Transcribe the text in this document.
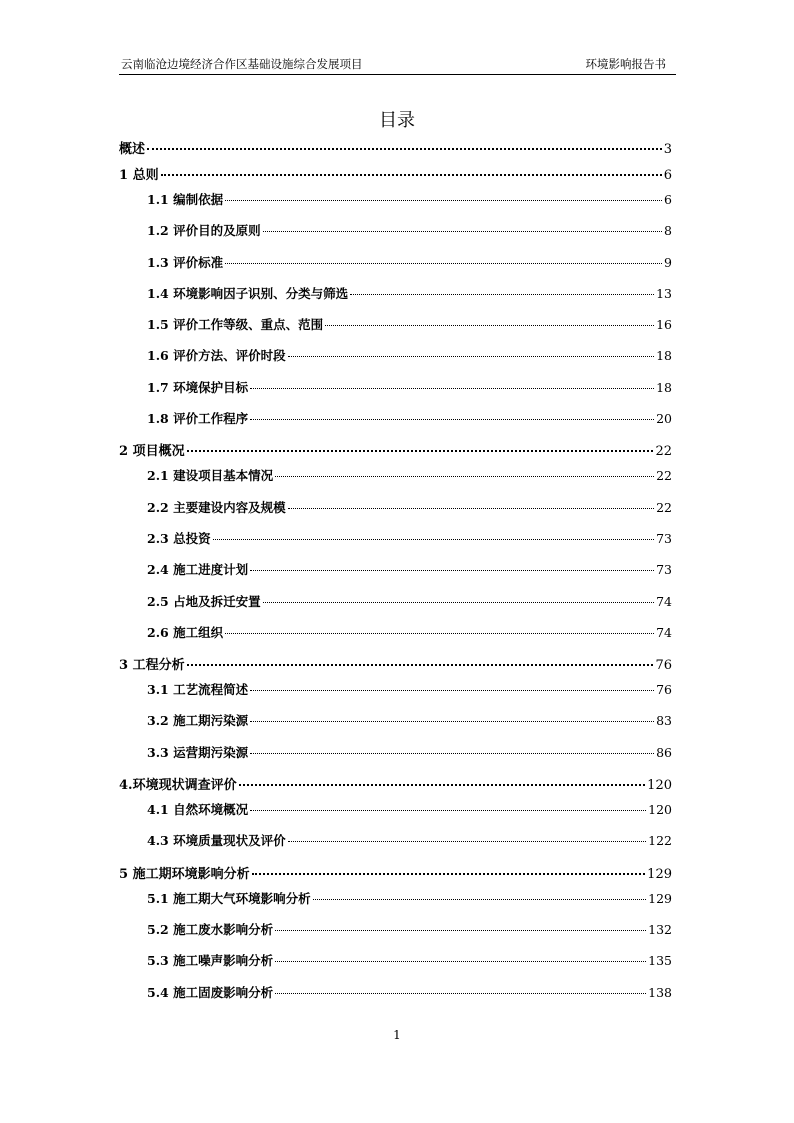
云南临沧边境经济合作区基础设施综合发展项目	环境影响报告书
目录
概述	3
1 总则	6
1.1 编制依据	6
1.2 评价目的及原则	8
1.3 评价标准	9
1.4 环境影响因子识别、分类与筛选	13
1.5 评价工作等级、重点、范围	16
1.6 评价方法、评价时段	18
1.7 环境保护目标	18
1.8 评价工作程序	20
2 项目概况	22
2.1 建设项目基本情况	22
2.2 主要建设内容及规模	22
2.3 总投资	73
2.4 施工进度计划	73
2.5 占地及拆迁安置	74
2.6 施工组织	74
3 工程分析	76
3.1 工艺流程简述	76
3.2 施工期污染源	83
3.3 运营期污染源	86
4.环境现状调查评价	120
4.1 自然环境概况	120
4.3 环境质量现状及评价	122
5 施工期环境影响分析	129
5.1 施工期大气环境影响分析	129
5.2 施工废水影响分析	132
5.3 施工噪声影响分析	135
5.4 施工固废影响分析	138
1
